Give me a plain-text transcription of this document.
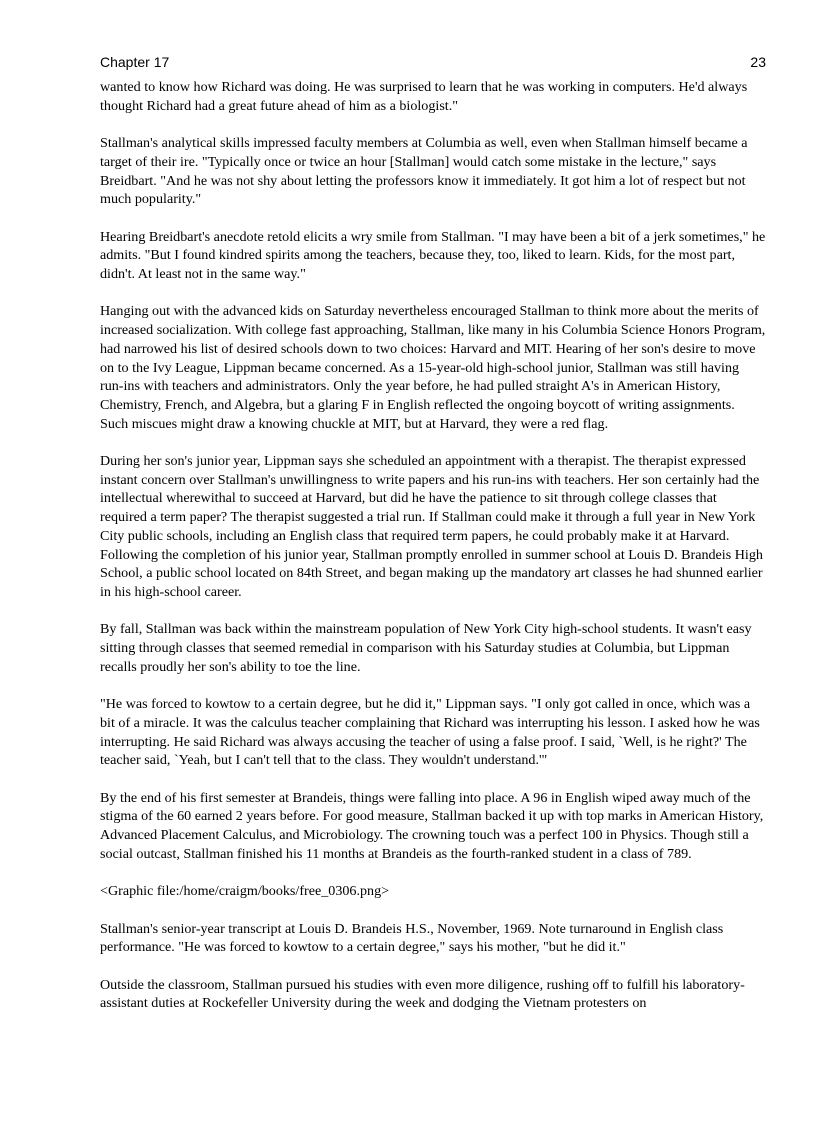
Chapter 17	23

wanted to know how Richard was doing. He was surprised to learn that he was working in computers. He'd always thought Richard had a great future ahead of him as a biologist."

Stallman's analytical skills impressed faculty members at Columbia as well, even when Stallman himself became a target of their ire. "Typically once or twice an hour [Stallman] would catch some mistake in the lecture," says Breidbart. "And he was not shy about letting the professors know it immediately. It got him a lot of respect but not much popularity."

Hearing Breidbart's anecdote retold elicits a wry smile from Stallman. "I may have been a bit of a jerk sometimes," he admits. "But I found kindred spirits among the teachers, because they, too, liked to learn. Kids, for the most part, didn't. At least not in the same way."

Hanging out with the advanced kids on Saturday nevertheless encouraged Stallman to think more about the merits of increased socialization. With college fast approaching, Stallman, like many in his Columbia Science Honors Program, had narrowed his list of desired schools down to two choices: Harvard and MIT. Hearing of her son's desire to move on to the Ivy League, Lippman became concerned. As a 15-year-old high-school junior, Stallman was still having run-ins with teachers and administrators. Only the year before, he had pulled straight A's in American History, Chemistry, French, and Algebra, but a glaring F in English reflected the ongoing boycott of writing assignments. Such miscues might draw a knowing chuckle at MIT, but at Harvard, they were a red flag.

During her son's junior year, Lippman says she scheduled an appointment with a therapist. The therapist expressed instant concern over Stallman's unwillingness to write papers and his run-ins with teachers. Her son certainly had the intellectual wherewithal to succeed at Harvard, but did he have the patience to sit through college classes that required a term paper? The therapist suggested a trial run. If Stallman could make it through a full year in New York City public schools, including an English class that required term papers, he could probably make it at Harvard. Following the completion of his junior year, Stallman promptly enrolled in summer school at Louis D. Brandeis High School, a public school located on 84th Street, and began making up the mandatory art classes he had shunned earlier in his high-school career.

By fall, Stallman was back within the mainstream population of New York City high-school students. It wasn't easy sitting through classes that seemed remedial in comparison with his Saturday studies at Columbia, but Lippman recalls proudly her son's ability to toe the line.

"He was forced to kowtow to a certain degree, but he did it," Lippman says. "I only got called in once, which was a bit of a miracle. It was the calculus teacher complaining that Richard was interrupting his lesson. I asked how he was interrupting. He said Richard was always accusing the teacher of using a false proof. I said, `Well, is he right?' The teacher said, `Yeah, but I can't tell that to the class. They wouldn't understand.'"

By the end of his first semester at Brandeis, things were falling into place. A 96 in English wiped away much of the stigma of the 60 earned 2 years before. For good measure, Stallman backed it up with top marks in American History, Advanced Placement Calculus, and Microbiology. The crowning touch was a perfect 100 in Physics. Though still a social outcast, Stallman finished his 11 months at Brandeis as the fourth-ranked student in a class of 789.

<Graphic file:/home/craigm/books/free_0306.png>

Stallman's senior-year transcript at Louis D. Brandeis H.S., November, 1969. Note turnaround in English class performance. "He was forced to kowtow to a certain degree," says his mother, "but he did it."

Outside the classroom, Stallman pursued his studies with even more diligence, rushing off to fulfill his laboratory-assistant duties at Rockefeller University during the week and dodging the Vietnam protesters on
